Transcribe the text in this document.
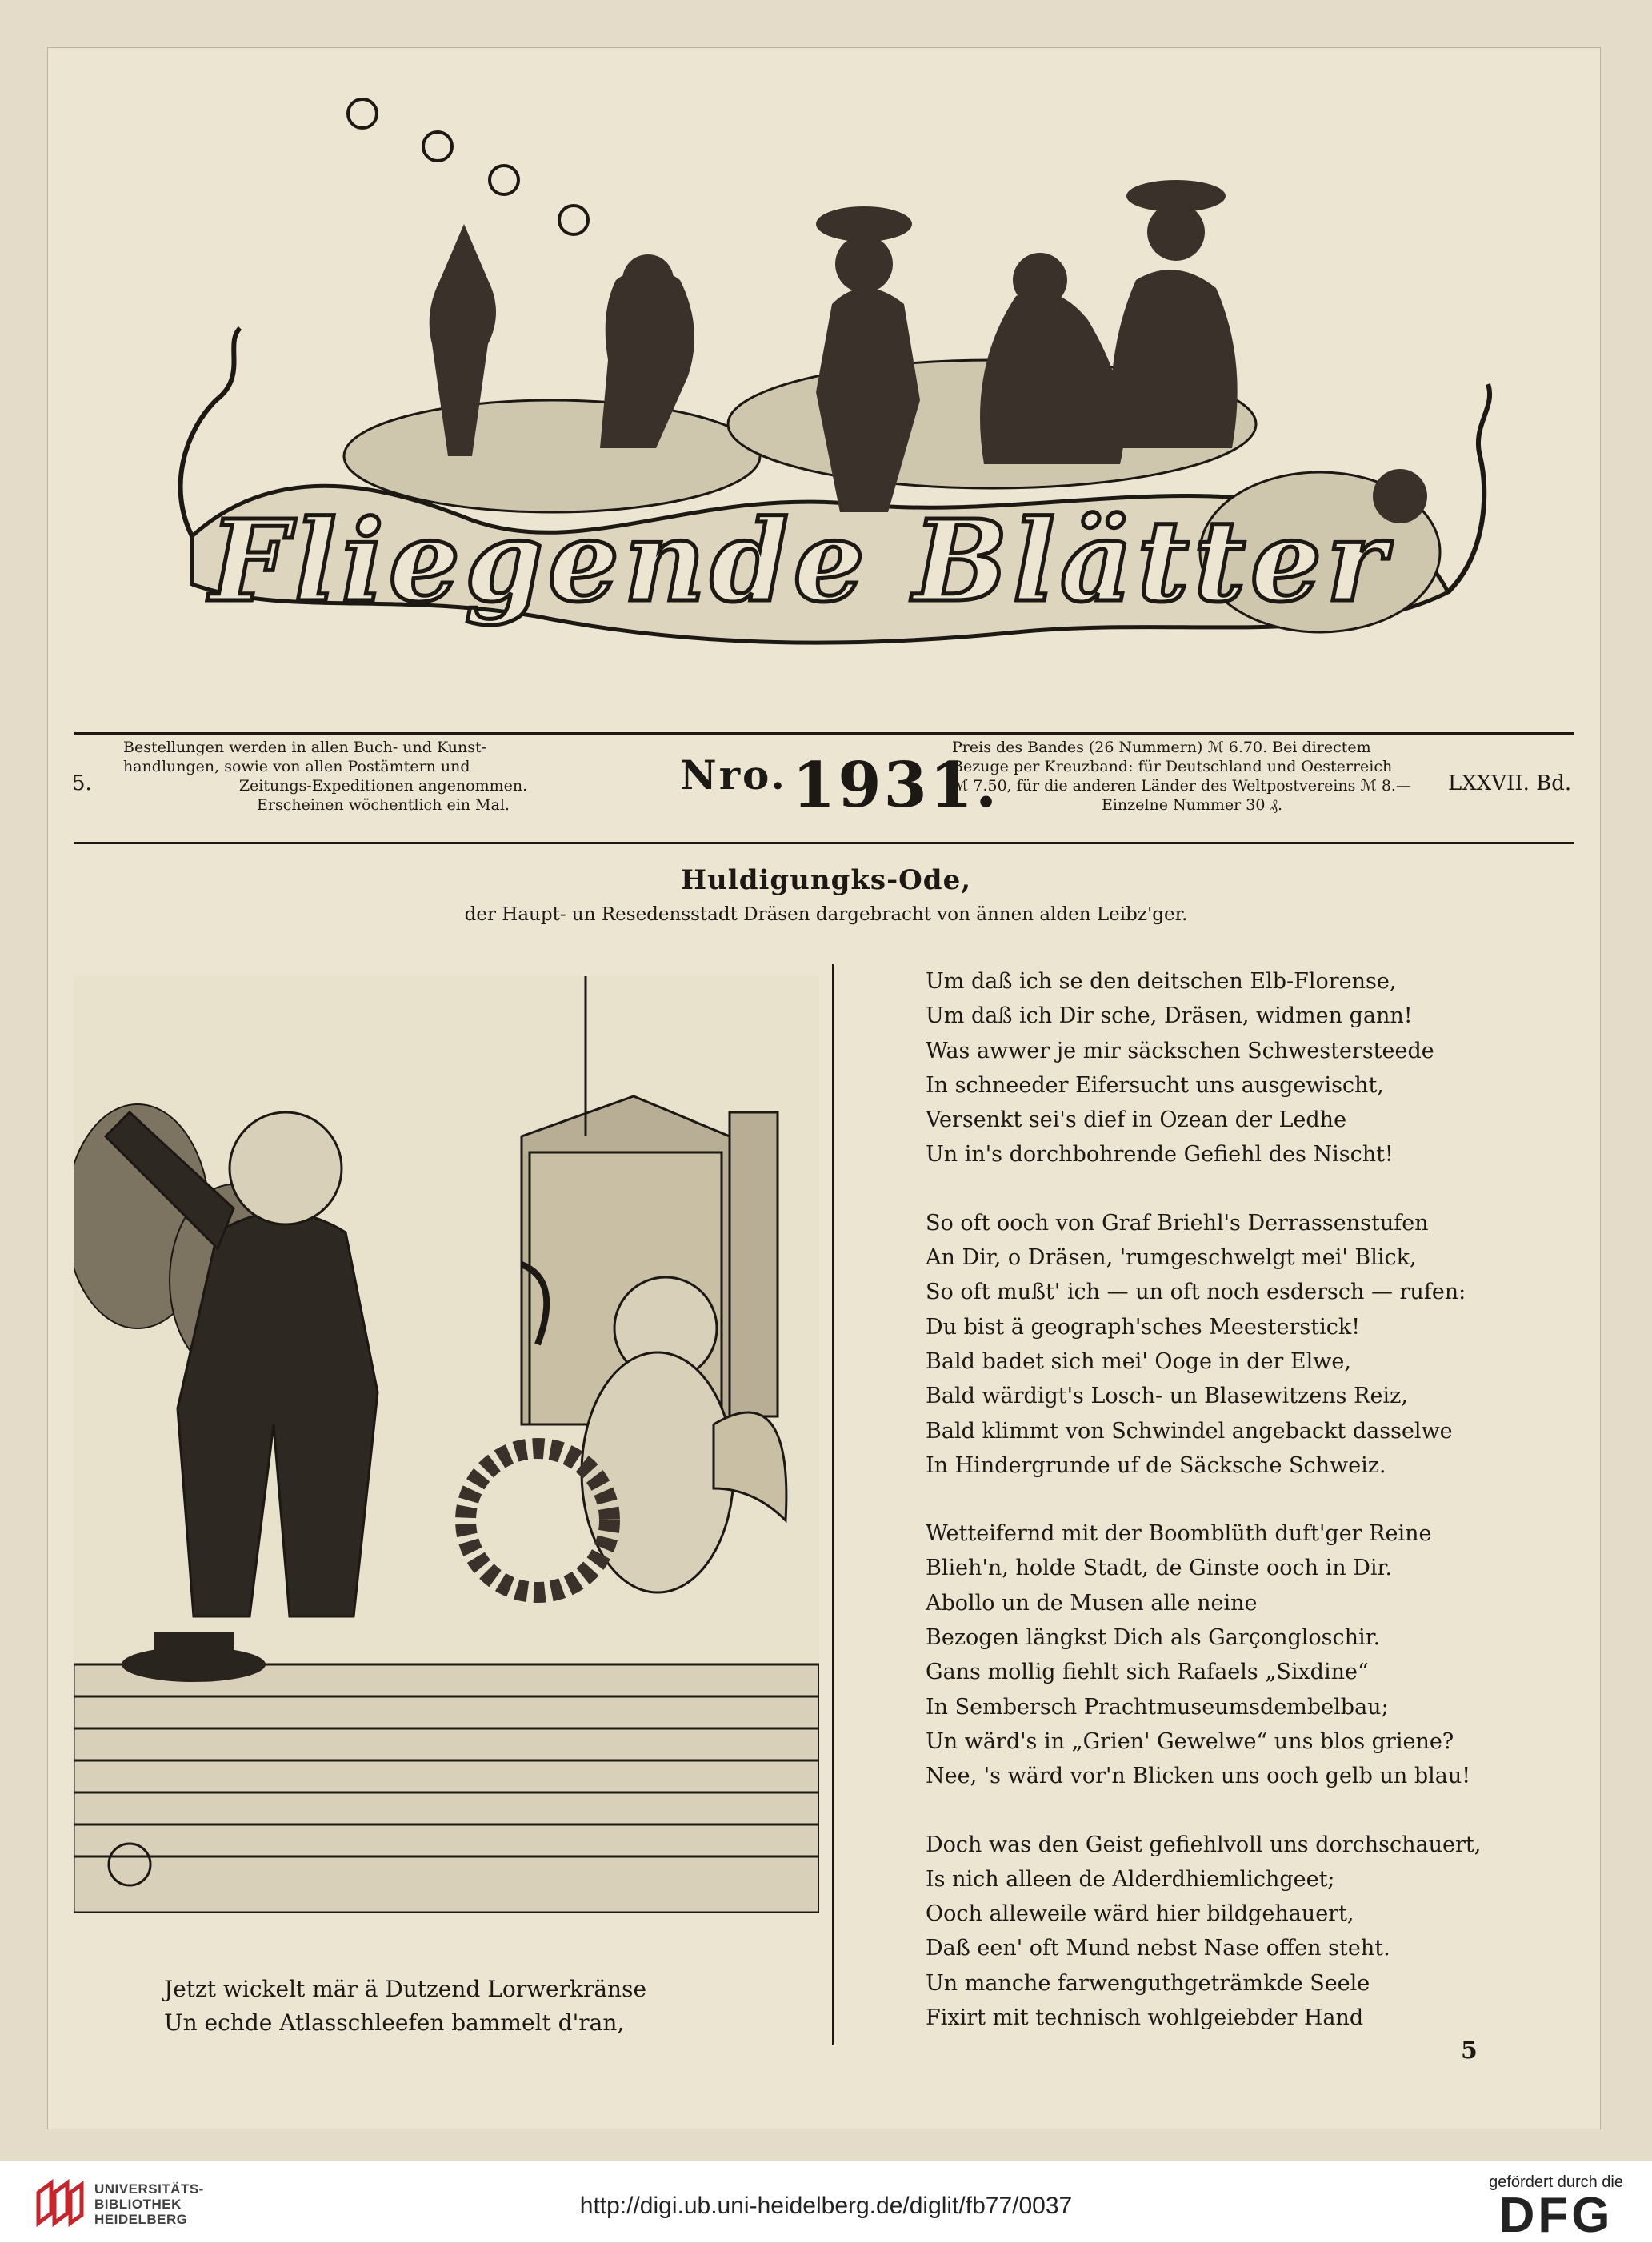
Fliegende Blätter
5.
Bestellungen werden in allen Buch- und Kunst-
handlungen, sowie von allen Postämtern und
Zeitungs-Expeditionen angenommen.
Erscheinen wöchentlich ein Mal.
$^{Nro.}$1931.
Preis des Bandes (26 Nummern) ℳ 6.70. Bei directem
Bezuge per Kreuzband: für Deutschland und Oesterreich
ℳ 7.50, für die anderen Länder des Weltpostvereins ℳ 8.—
Einzelne Nummer 30 ₰.
LXXVII. Bd.
Huldigungks-Ode,
der Haupt- un Resedensstadt Dräsen dargebracht von ännen alden Leibz'ger.
Jetzt wickelt mär ä Dutzend Lorwerkränse
Un echde Atlasschleefen bammelt d'ran,
Um daß ich se den deitschen Elb-Florense,
Um daß ich Dir sche, Dräsen, widmen gann!
Was awwer je mir säckschen Schwestersteede
In schneeder Eifersucht uns ausgewischt,
Versenkt sei's dief in Ozean der Ledhe
Un in's dorchbohrende Gefiehl des Nischt!
So oft ooch von Graf Briehl's Derrassenstufen
An Dir, o Dräsen, 'rumgeschwelgt mei' Blick,
So oft mußt' ich — un oft noch esdersch — rufen:
Du bist ä geograph'sches Meesterstick!
Bald badet sich mei' Ooge in der Elwe,
Bald wärdigt's Losch- un Blasewitzens Reiz,
Bald klimmt von Schwindel angebackt dasselwe
In Hindergrunde uf de Säcksche Schweiz.
Wetteifernd mit der Boomblüth duft'ger Reine
Blieh'n, holde Stadt, de Ginste ooch in Dir.
Abollo un de Musen alle neine
Bezogen längkst Dich als Garçongloschir.
Gans mollig fiehlt sich Rafaels „Sixdine“
In Sembersch Prachtmuseumsdembelbau;
Un wärd's in „Grien' Gewelwe“ uns blos griene?
Nee, 's wärd vor'n Blicken uns ooch gelb un blau!
Doch was den Geist gefiehlvoll uns dorchschauert,
Is nich alleen de Alderdhiemlichgeet;
Ooch alleweile wärd hier bildgehauert,
Daß een' oft Mund nebst Nase offen steht.
Un manche farwenguthgeträmkde Seele
Fixirt mit technisch wohlgeiebder Hand
5
UNIVERSITÄTS-
BIBLIOTHEK
HEIDELBERG
http://digi.ub.uni-heidelberg.de/diglit/fb77/0037
gefördert durch die
DFG
